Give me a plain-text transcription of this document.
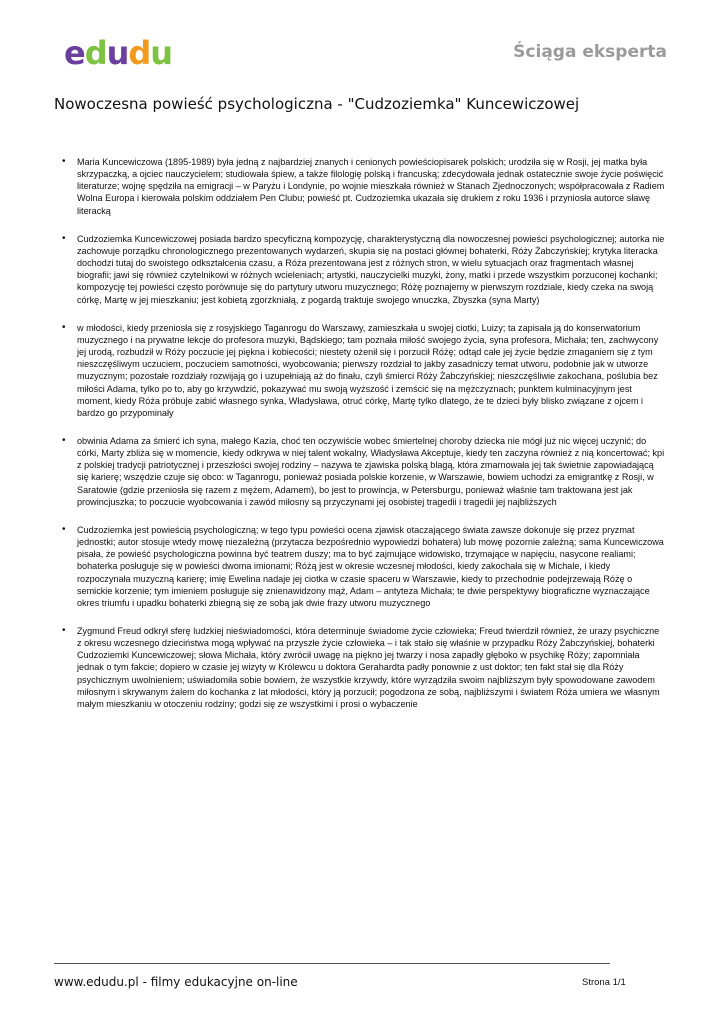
edudu	Ściąga eksperta
Nowoczesna powieść psychologiczna - "Cudzoziemka" Kuncewiczowej
• Maria Kuncewiczowa (1895-1989) była jedną z najbardziej znanych i cenionych powieściopisarek polskich; urodziła się w Rosji, jej matka była skrzypaczką, a ojciec nauczycielem; studiowała śpiew, a także filologię polską i francuską; zdecydowała jednak ostatecznie swoje życie poświęcić literaturze; wojnę spędziła na emigracji – w Paryżu i Londynie, po wojnie mieszkała również w Stanach Zjednoczonych; współpracowała z Radiem Wolna Europa i kierowała polskim oddziałem Pen Clubu; powieść pt. Cudzoziemka ukazała się drukiem z roku 1936 i przyniosła autorce sławę literacką
• Cudzoziemka Kuncewiczowej posiada bardzo specyficzną kompozycję, charakterystyczną dla nowoczesnej powieści psychologicznej; autorka nie zachowuje porządku chronologicznego prezentowanych wydarzeń, skupia się na postaci głównej bohaterki, Róży Żabczyńskiej; krytyka literacka dochodzi tutaj do swoistego odkształcenia czasu, a Róża prezentowana jest z różnych stron, w wielu sytuacjach oraz fragmentach własnej biografii; jawi się również czytelnikowi w różnych wcieleniach; artystki, nauczycielki muzyki, żony, matki i przede wszystkim porzuconej kochanki; kompozycję tej powieści często porównuje się do partytury utworu muzycznego; Różę poznajemy w pierwszym rozdziale, kiedy czeka na swoją córkę, Martę w jej mieszkaniu; jest kobietą zgorzkniałą, z pogardą traktuje swojego wnuczka, Zbyszka (syna Marty)
• w młodości, kiedy przeniosła się z rosyjskiego Taganrogu do Warszawy, zamieszkała u swojej ciotki, Luizy; ta zapisała ją do konserwatorium muzycznego i na prywatne lekcje do profesora muzyki, Bądskiego; tam poznała miłość swojego życia, syna profesora, Michała; ten, zachwycony jej urodą, rozbudził w Róży poczucie jej piękna i kobiecości; niestety ożenił się i porzucił Różę; odtąd całe jej życie będzie zmaganiem się z tym nieszczęśliwym uczuciem, poczuciem samotności, wyobcowania; pierwszy rozdział to jakby zasadniczy temat utworu, podobnie jak w utworze muzycznym; pozostałe rozdziały rozwijają go i uzupełniają aż do finału, czyli śmierci Róży Żabczyńskiej; nieszczęśliwie zakochana, poślubia bez miłości Adama, tylko po to, aby go krzywdzić, pokazywać mu swoją wyższość i zemścić się na mężczyznach; punktem kulminacyjnym jest moment, kiedy Róża próbuje zabić własnego synka, Władysława, otruć córkę, Martę tylko dlatego, że te dzieci były blisko związane z ojcem i bardzo go przypominały
• obwinia Adama za śmierć ich syna, małego Kazia, choć ten oczywiście wobec śmiertelnej choroby dziecka nie mógł już nic więcej uczynić; do córki, Marty zbliża się w momencie, kiedy odkrywa w niej talent wokalny, Władysława Akceptuje, kiedy ten zaczyna również z nią koncertować; kpi z polskiej tradycji patriotycznej i przeszłości swojej rodziny – nazywa te zjawiska polską blagą, która zmarnowała jej tak świetnie zapowiadającą się karierę; wszędzie czuje się obco: w Taganrogu, ponieważ posiada polskie korzenie, w Warszawie, bowiem uchodzi za emigrantkę z Rosji, w Saratowie (gdzie przeniosła się razem z mężem, Adamem), bo jest to prowincja, w Petersburgu, ponieważ właśnie tam traktowana jest jak prowincjuszka; to poczucie wyobcowania i zawód miłosny są przyczynami jej osobistej tragedii i tragedii jej najbliższych
• Cudzoziemka jest powieścią psychologiczną; w tego typu powieści ocena zjawisk otaczającego świata zawsze dokonuje się przez pryzmat jednostki; autor stosuje wtedy mowę niezależną (przytacza bezpośrednio wypowiedzi bohatera) lub mowę pozornie zależną; sama Kuncewiczowa pisała, że powieść psychologiczna powinna być teatrem duszy; ma to być zajmujące widowisko, trzymające w napięciu, nasycone realiami; bohaterka posługuje się w powieści dwoma imionami; Różą jest w okresie wczesnej młodości, kiedy zakochała się w Michale, i kiedy rozpoczynała muzyczną karierę; imię Ewelina nadaje jej ciotka w czasie spaceru w Warszawie, kiedy to przechodnie podejrzewają Różę o semickie korzenie; tym imieniem posługuje się znienawidzony mąż, Adam – antyteza Michała; te dwie perspektywy biograficzne wyznaczające okres triumfu i upadku bohaterki zbiegną się ze sobą jak dwie frazy utworu muzycznego
• Zygmund Freud odkrył sferę ludzkiej nieświadomości, która determinuje świadome życie człowieka; Freud twierdził również, że urazy psychiczne z okresu wczesnego dzieciństwa mogą wpływać na przyszłe życie człowieka – i tak stało się właśnie w przypadku Róży Żabczyńskiej, bohaterki Cudzoziemki Kuncewiczowej; słowa Michała, który zwrócił uwagę na piękno jej twarzy i nosa zapadły głęboko w psychikę Róży; zapomniała jednak o tym fakcie; dopiero w czasie jej wizyty w Królewcu u doktora Gerahardta padły ponownie z ust doktor; ten fakt stał się dla Róży psychicznym uwolnieniem; uświadomiła sobie bowiem, że wszystkie krzywdy, które wyrządziła swoim najbliższym były spowodowane zawodem miłosnym i skrywanym żalem do kochanka z lat młodości, który ją porzucił; pogodzona ze sobą, najbliższymi i światem Róża umiera we własnym małym mieszkaniu w otoczeniu rodziny; godzi się ze wszystkimi i prosi o wybaczenie
www.edudu.pl - filmy edukacyjne on-line	Strona 1/1
